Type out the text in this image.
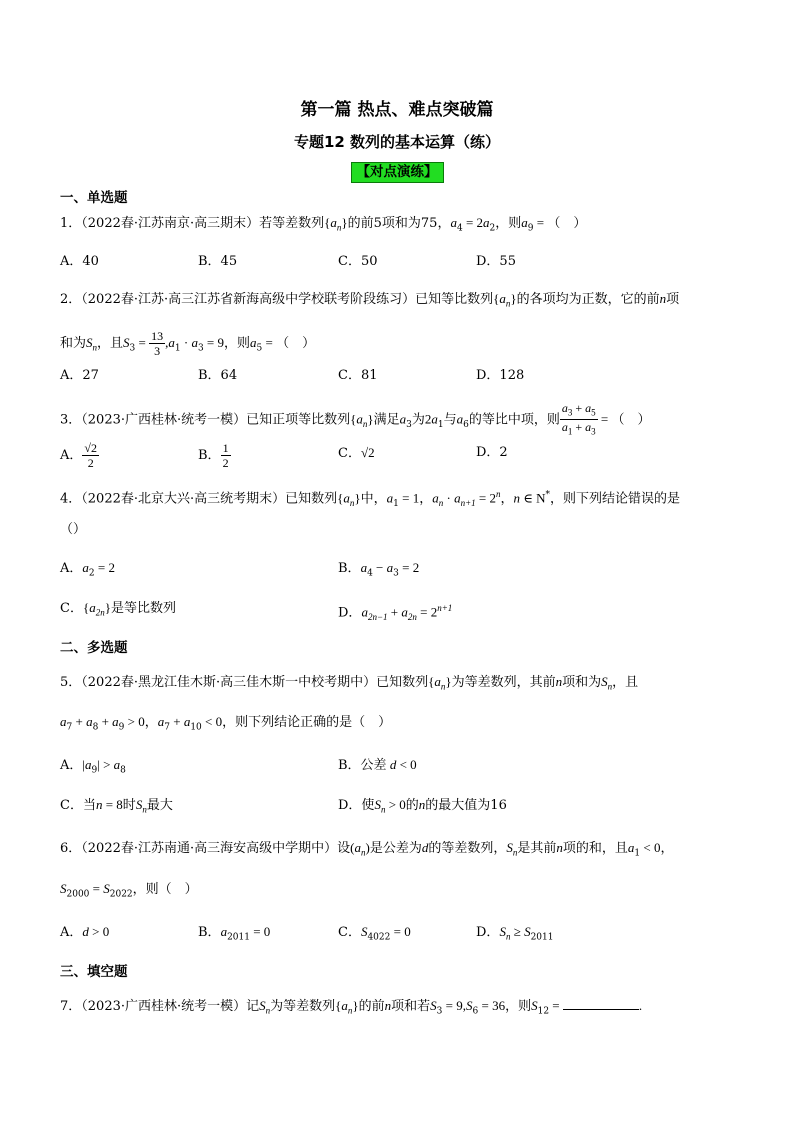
第一篇 热点、难点突破篇
专题12 数列的基本运算（练）
【对点演练】
一、单选题
1．（2022春·江苏南京·高三期末）若等差数列$\{a_n\}$的前5项和为75，$a_4 = 2a_2$，则$a_9$ = （　）
A．40	B．45	C．50	D．55
2．（2022春·江苏·高三江苏省新海高级中学校联考阶段练习）已知等比数列$\{a_n\}$的各项均为正数，它的前n项
和为$S_n$，且$S_3 = \frac{13}{3} ,a_1 \cdot a_3 = 9$，则$a_5$ = （　）
A．27	B．64	C．81	D．128
3．（2023·广西桂林·统考一模）已知正项等比数列$\{a_n\}$满足$a_3$为$2a_1$与$a_6$的等比中项，则 $\frac{a_3 + a_5}{a_1 + a_3}$ = （　）
A． $\frac{√2}{2}$	B． $\frac{1}{2}$	C．√2	D．2
4．（2022春·北京大兴·高三统考期末）已知数列$\{a_n\}$中，$a_1 = 1$，$a_n \cdot a_{n+1} = 2^n$，n ∈ N*，则下列结论错误的是
（）
A．$a_2 = 2$	B．$a_4 - a_3 = 2$
C．$\{a_{2n}\}$是等比数列	D．$a_{2n-1} + a_{2n} = 2^{n+1}$
二、多选题
5．（2022春·黑龙江佳木斯·高三佳木斯一中校考期中）已知数列$\{a_n\}$为等差数列，其前n项和为$S_n$，且
$a_7 + a_8 + a_9 > 0$，$a_7 + a_{10} < 0$，则下列结论正确的是（　）
A．$|a_9| > a_8$	B．公差 d < 0
C．当n = 8时$S_n$最大	D．使$S_n > 0$的n的最大值为16
6．（2022春·江苏南通·高三海安高级中学期中）设$(a_n)$是公差为d的等差数列，$S_n$是其前n项的和，且$a_1 < 0$，
$S_{2000} = S_{2022}$，则（　）
A．d > 0	B．$a_{2011} = 0$	C．$S_{4022} = 0$	D．$S_n \ge S_{2011}$
三、填空题
7．（2023·广西桂林·统考一模）记$S_n$为等差数列$\{a_n\}$的前n项和若$S_3 = 9,S_6 = 36$，则$S_{12}$ =	.
